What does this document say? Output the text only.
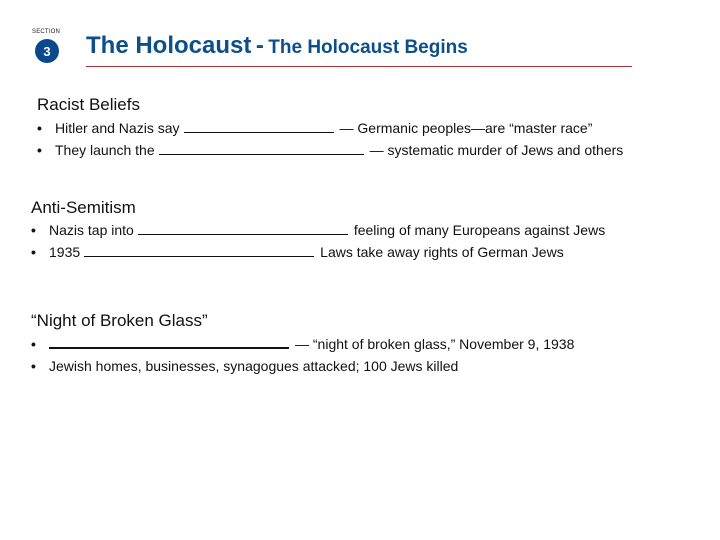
SECTION
3	The Holocaust - The Holocaust Begins
Racist Beliefs
• Hitler and Nazis say	— Germanic peoples—are “master race”
• They launch the	— systematic murder of Jews and others
Anti-Semitism
• Nazis tap into	feeling of many Europeans against Jews
• 1935	Laws take away rights of German Jews
“Night of Broken Glass”
•	— “night of broken glass,” November 9, 1938
• Jewish homes, businesses, synagogues attacked; 100 Jews killed
